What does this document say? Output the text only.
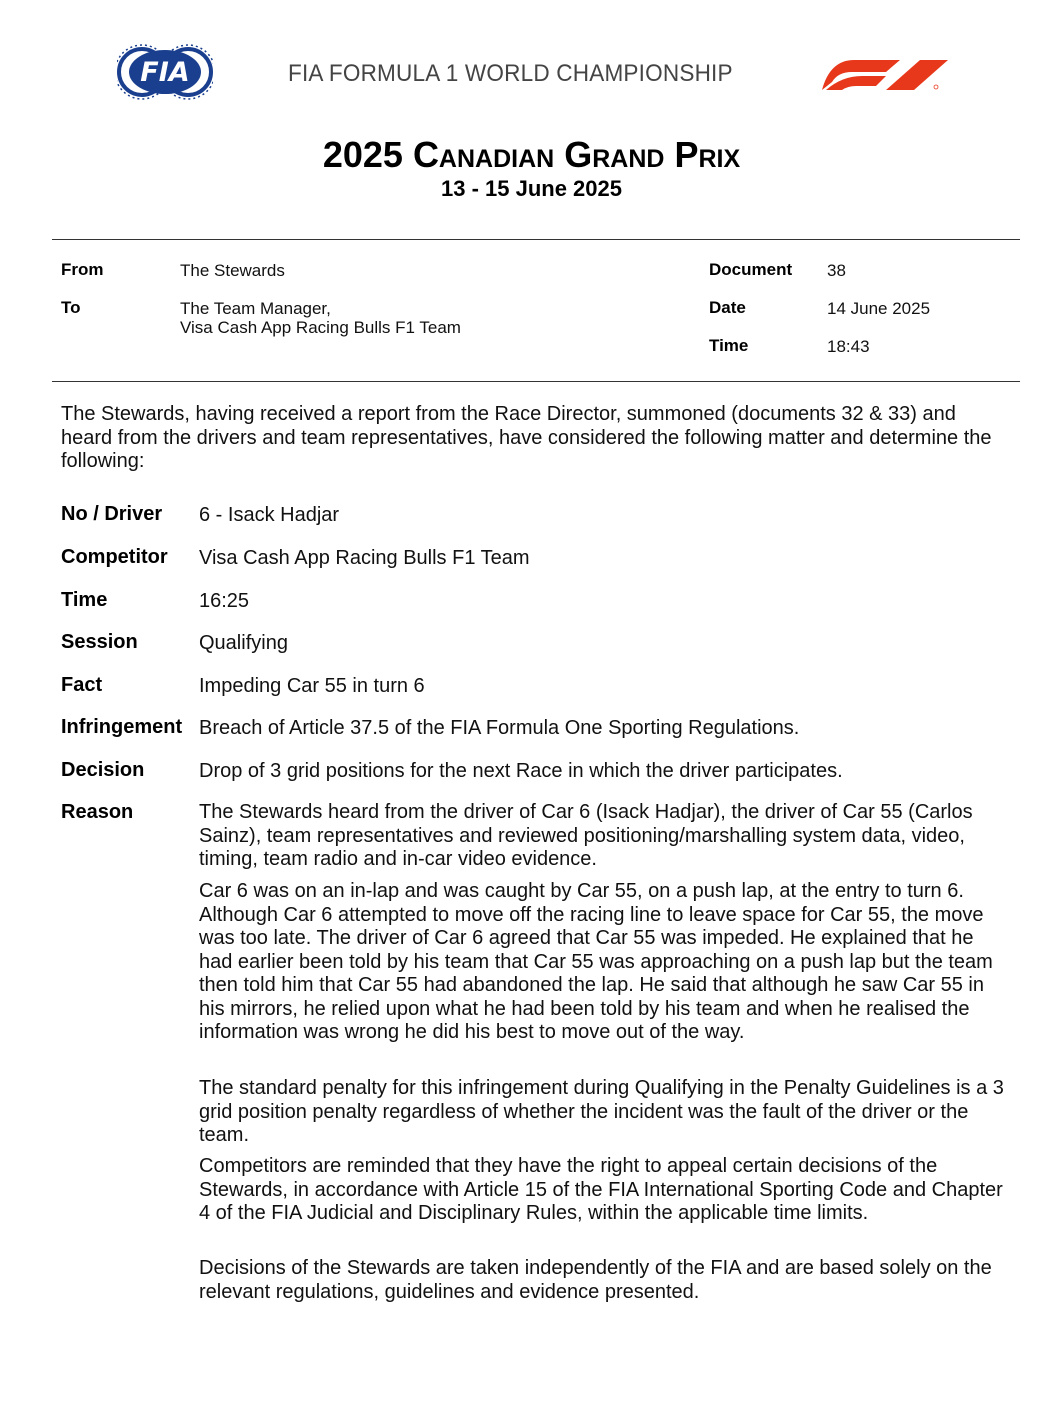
FIA	FIA FORMULA 1 WORLD CHAMPIONSHIP
2025 Canadian Grand Prix
13 - 15 June 2025
From	The Stewards
To	The Team Manager,
Visa Cash App Racing Bulls F1 Team
Document 38
Date	14 June 2025
Time	18:43
The Stewards, having received a report from the Race Director, summoned (documents 32 & 33) and heard from the drivers and team representatives, have considered the following matter and determine the following:
No / Driver 6 - Isack Hadjar
Competitor Visa Cash App Racing Bulls F1 Team
Time	16:25
Session	Qualifying
Fact	Impeding Car 55 in turn 6
Infringement Breach of Article 37.5 of the FIA Formula One Sporting Regulations.
Decision	Drop of 3 grid positions for the next Race in which the driver participates.
Reason	The Stewards heard from the driver of Car 6 (Isack Hadjar), the driver of Car 55 (Carlos Sainz), team representatives and reviewed positioning/marshalling system data, video, timing, team radio and in-car video evidence.
Car 6 was on an in-lap and was caught by Car 55, on a push lap, at the entry to turn 6. Although Car 6 attempted to move off the racing line to leave space for Car 55, the move was too late. The driver of Car 6 agreed that Car 55 was impeded. He explained that he had earlier been told by his team that Car 55 was approaching on a push lap but the team then told him that Car 55 had abandoned the lap. He said that although he saw Car 55 in his mirrors, he relied upon what he had been told by his team and when he realised the information was wrong he did his best to move out of the way.
The standard penalty for this infringement during Qualifying in the Penalty Guidelines is a 3 grid position penalty regardless of whether the incident was the fault of the driver or the team.
Competitors are reminded that they have the right to appeal certain decisions of the Stewards, in accordance with Article 15 of the FIA International Sporting Code and Chapter 4 of the FIA Judicial and Disciplinary Rules, within the applicable time limits.
Decisions of the Stewards are taken independently of the FIA and are based solely on the relevant regulations, guidelines and evidence presented.
